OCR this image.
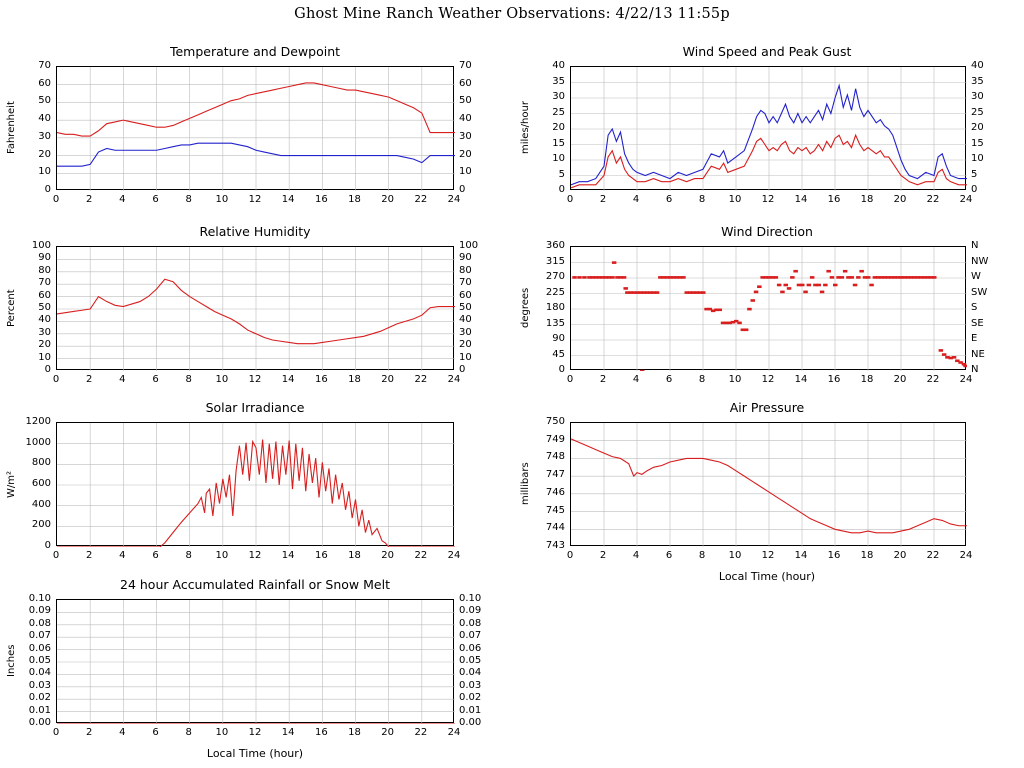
Ghost Mine Ranch Weather Observations: 4/22/13 11:55p
Temperature and Dewpoint
Fahrenheit
0
10
20
30
40
50
60
70
0
10
20
30
40
50
60
70
0	2	4	6	8	10	12	14	16	18	20	22	24
Wind Speed and Peak Gust
miles/hour
0
5
10
15
20
25
30
35
40
0
5
10
15
20
25
30
35
40
0	2	4	6	8	10	12	14	16	18	20	22	24
Relative Humidity
Percent
0
10
20
30
40
50
60
70
80
90
100
0
10
20
30
40
50
60
70
80
90
100
0	2	4	6	8	10	12	14	16	18	20	22	24
Wind Direction
degrees
0
45
90
135
180
225
270
315
360
N
NE
E
SE
S
SW
W
NW
N
0	2	4	6	8	10	12	14	16	18	20	22	24
Solar Irradiance
W/m²
0
200
400
600
800
1000
1200
0	2	4	6	8	10	12	14	16	18	20	22	24
Air Pressure
millibars
743
744
745
746
747
748
749
750
0	2	4	6	8	10	12	14	16	18	20	22	24
Local Time (hour)
24 hour Accumulated Rainfall or Snow Melt
Inches
0.00
0.01
0.02
0.03
0.04
0.05
0.06
0.07
0.08
0.09
0.10
0.00
0.01
0.02
0.03
0.04
0.05
0.06
0.07
0.08
0.09
0.10
0	2	4	6	8	10	12	14	16	18	20	22	24
Local Time (hour)
